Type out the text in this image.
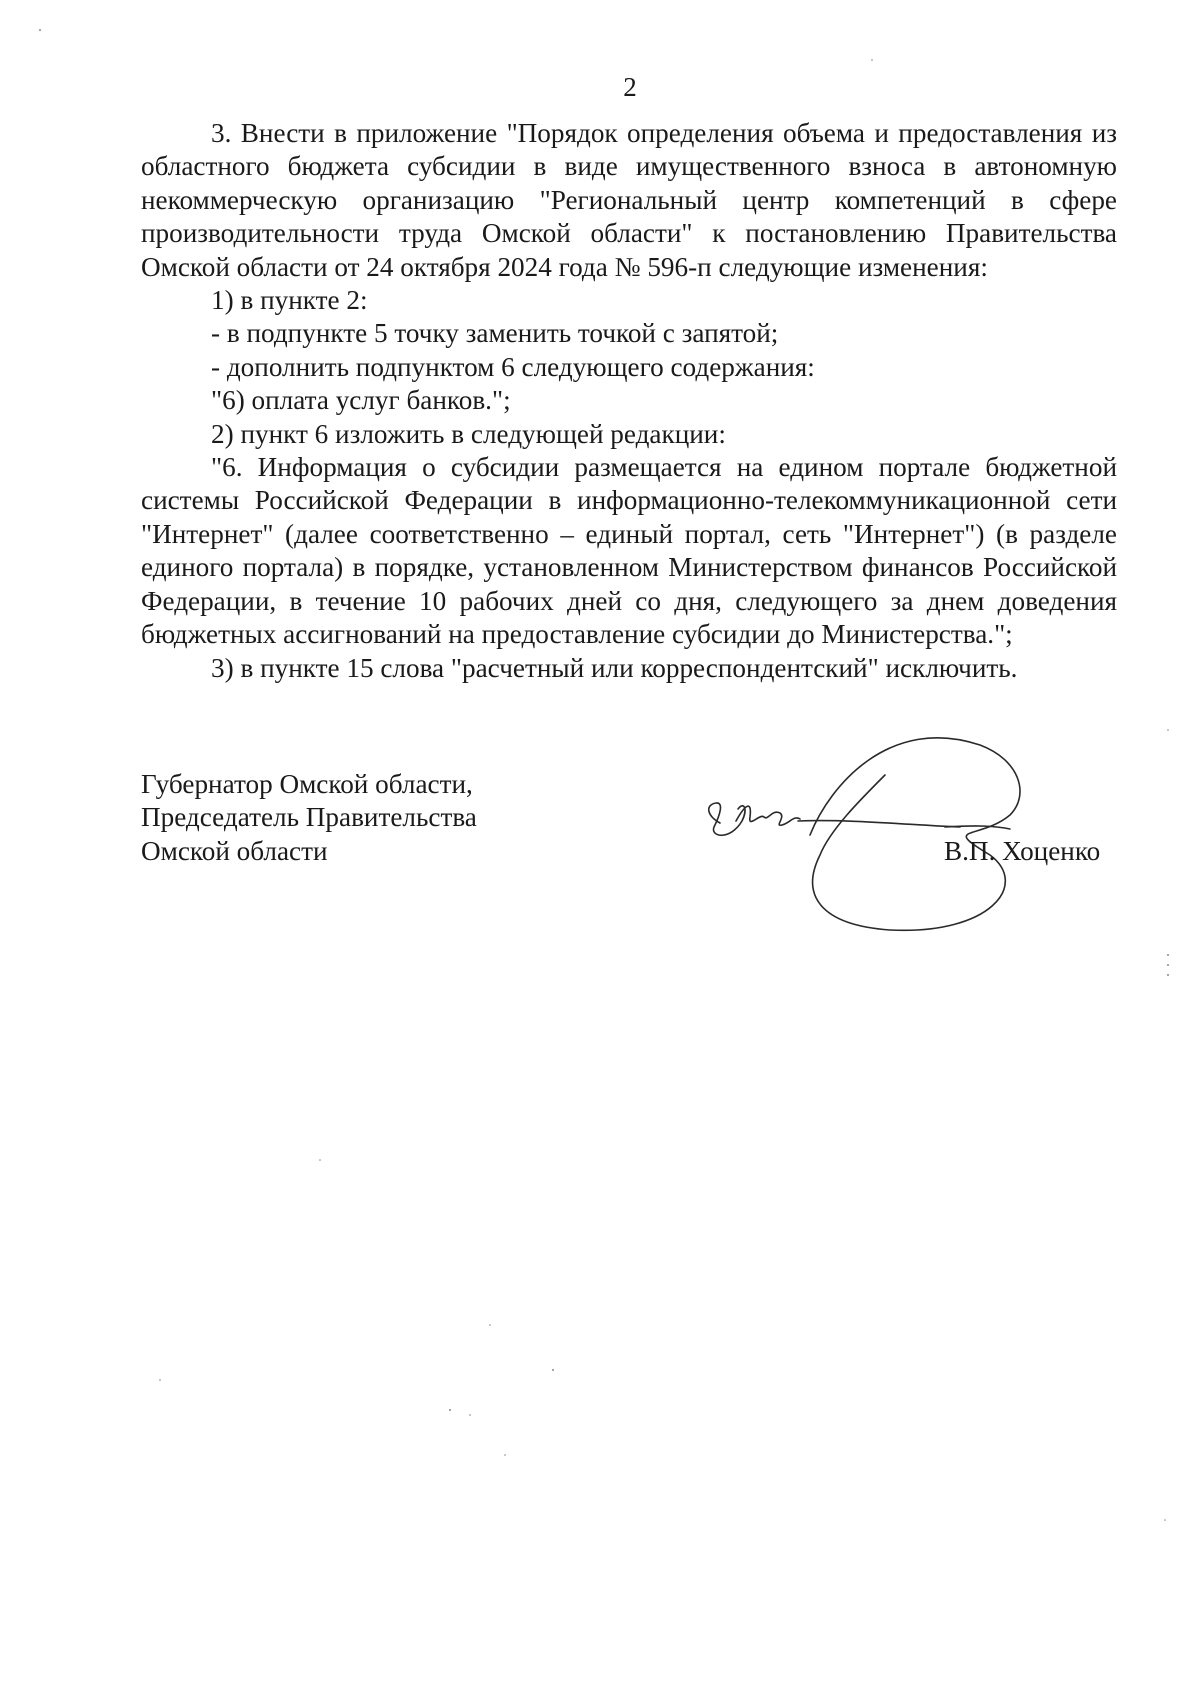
2

3. Внести в приложение "Порядок определения объема и предоставления из областного бюджета субсидии в виде имущественного взноса в автономную некоммерческую организацию "Региональный центр компетенций в сфере производительности труда Омской области" к постановлению Правительства Омской области от 24 октября 2024 года № 596-п следующие изменения:

1) в пункте 2:

- в подпункте 5 точку заменить точкой с запятой;

- дополнить подпунктом 6 следующего содержания:

"6) оплата услуг банков.";

2) пункт 6 изложить в следующей редакции:

"6. Информация о субсидии размещается на едином портале бюджетной системы Российской Федерации в информационно-телекоммуникационной сети "Интернет" (далее соответственно – единый портал, сеть "Интернет") (в разделе единого портала) в порядке, установленном Министерством финансов Российской Федерации, в течение 10 рабочих дней со дня, следующего за днем доведения бюджетных ассигнований на предоставление субсидии до Министерства.";

3) в пункте 15 слова "расчетный или корреспондентский" исключить.

Губернатор Омской области,
Председатель Правительства
Омской области	В.П. Хоценко
